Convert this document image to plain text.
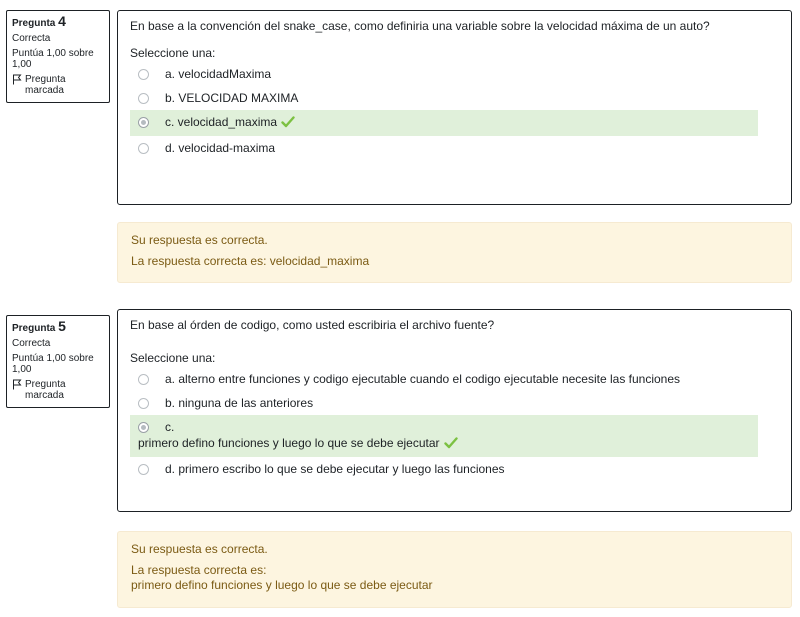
Pregunta 4
Correcta
Puntúa 1,00 sobre 1,00
Pregunta marcada
En base a la convención del snake_case, como definiria una variable sobre la velocidad máxima de un auto?
Seleccione una:
a. velocidadMaxima
b. VELOCIDAD MAXIMA
c. velocidad_maxima
d. velocidad-maxima
Su respuesta es correcta.
La respuesta correcta es: velocidad_maxima
Pregunta 5
Correcta
Puntúa 1,00 sobre 1,00
Pregunta marcada
En base al órden de codigo, como usted escribiria el archivo fuente?
Seleccione una:
a. alterno entre funciones y codigo ejecutable cuando el codigo ejecutable necesite las funciones
b. ninguna de las anteriores
c.
primero defino funciones y luego lo que se debe ejecutar
d. primero escribo lo que se debe ejecutar y luego las funciones
Su respuesta es correcta.
La respuesta correcta es:
primero defino funciones y luego lo que se debe ejecutar
